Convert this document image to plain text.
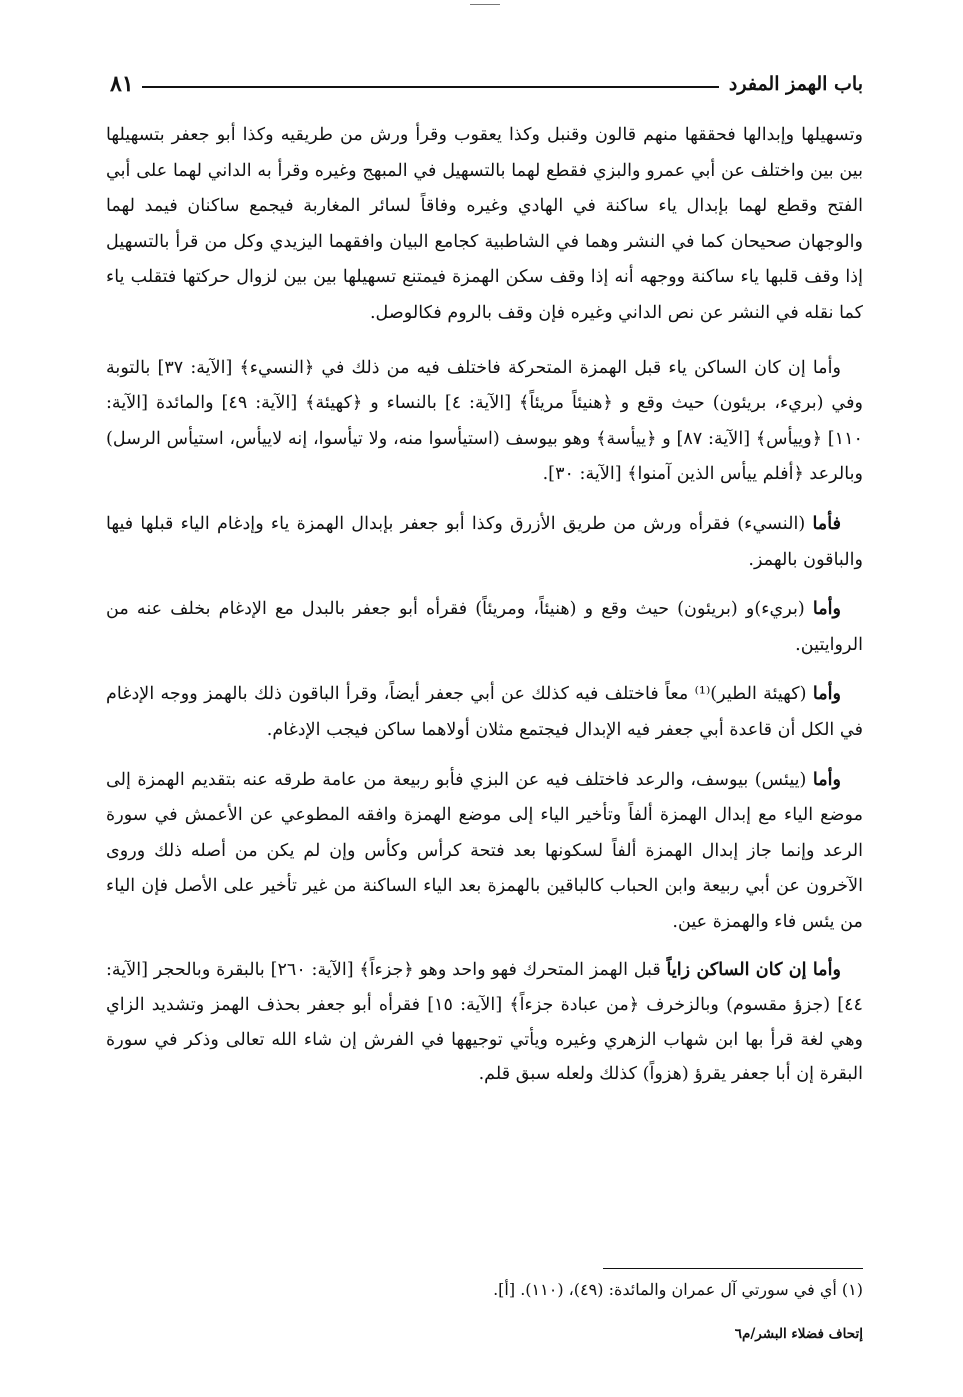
باب الهمز المفرد
٨١

وتسهيلها وإبدالها فحققها منهم قالون وقنبل وكذا يعقوب وقرأ ورش من طريقيه وكذا أبو جعفر بتسهيلها بين بين واختلف عن أبي عمرو والبزي فقطع لهما بالتسهيل في المبهج وغيره وقرأ به الداني لهما على أبي الفتح وقطع لهما بإبدال ياء ساكنة في الهادي وغيره وفاقاً لسائر المغاربة فيجمع ساكنان فيمد لهما والوجهان صحيحان كما في النشر وهما في الشاطبية كجامع البيان وافقهما اليزيدي وكل من قرأ بالتسهيل إذا وقف قلبها ياء ساكنة ووجهه أنه إذا وقف سكن الهمزة فيمتنع تسهيلها بين بين لزوال حركتها فتقلب ياء كما نقله في النشر عن نص الداني وغيره فإن وقف بالروم فكالوصل.

وأما إن كان الساكن ياء قبل الهمزة المتحركة فاختلف فيه من ذلك في ﴿النسيء﴾ [الآية: ٣٧] بالتوبة وفي (بريء، بريئون) حيث وقع و ﴿هنيئاً مريئاً﴾ [الآية: ٤] بالنساء و ﴿كهيئة﴾ [الآية: ٤٩] والمائدة [الآية: ١١٠] ﴿وييأس﴾ [الآية: ٨٧] و ﴿ييأسة﴾ وهو بيوسف (استيأسوا منه، ولا تيأسوا، إنه لاييأس، استيأس الرسل) وبالرعد ﴿أفلم ييأس الذين آمنوا﴾ [الآية: ٣٠].

فأما (النسيء) فقرأه ورش من طريق الأزرق وكذا أبو جعفر بإبدال الهمزة ياء وإدغام الياء قبلها فيها والباقون بالهمز.

وأما (بريء)و (بريئون) حيث وقع و (هنيئاً، ومريئاً) فقرأه أبو جعفر بالبدل مع الإدغام بخلف عنه من الروايتين.

وأما (كهيئة الطير)⁽¹⁾ معاً فاختلف فيه كذلك عن أبي جعفر أيضاً، وقرأ الباقون ذلك بالهمز ووجه الإدغام في الكل أن قاعدة أبي جعفر فيه الإبدال فيجتمع مثلان أولاهما ساكن فيجب الإدغام.

وأما (ييئس) بيوسف، والرعد فاختلف فيه عن البزي فأبو ربيعة من عامة طرقه عنه بتقديم الهمزة إلى موضع الياء مع إبدال الهمزة ألفاً وتأخير الياء إلى موضع الهمزة وافقه المطوعي عن الأعمش في سورة الرعد وإنما جاز إبدال الهمزة ألفاً لسكونها بعد فتحة كرأس وكأس وإن لم يكن من أصله ذلك وروى الآخرون عن أبي ربيعة وابن الحباب كالباقين بالهمزة بعد الياء الساكنة من غير تأخير على الأصل فإن الياء من يئس فاء والهمزة عين.

وأما إن كان الساكن زاياً قبل الهمز المتحرك فهو واحد وهو ﴿جزءاً﴾ [الآية: ٢٦٠] بالبقرة وبالحجر [الآية: ٤٤] (جزؤ مقسوم) وبالزخرف ﴿من عبادة جزءاً﴾ [الآية: ١٥] فقرأه أبو جعفر بحذف الهمز وتشديد الزاي وهي لغة قرأ بها ابن شهاب الزهري وغيره ويأتي توجيهها في الفرش إن شاء الله تعالى وذكر في سورة البقرة إن أبا جعفر يقرؤ (هزواً) كذلك ولعله سبق قلم.

(١) أي في سورتي آل عمران والمائدة: (٤٩)، (١١٠). [أ].
إتحاف فضلاء البشر/م٦
